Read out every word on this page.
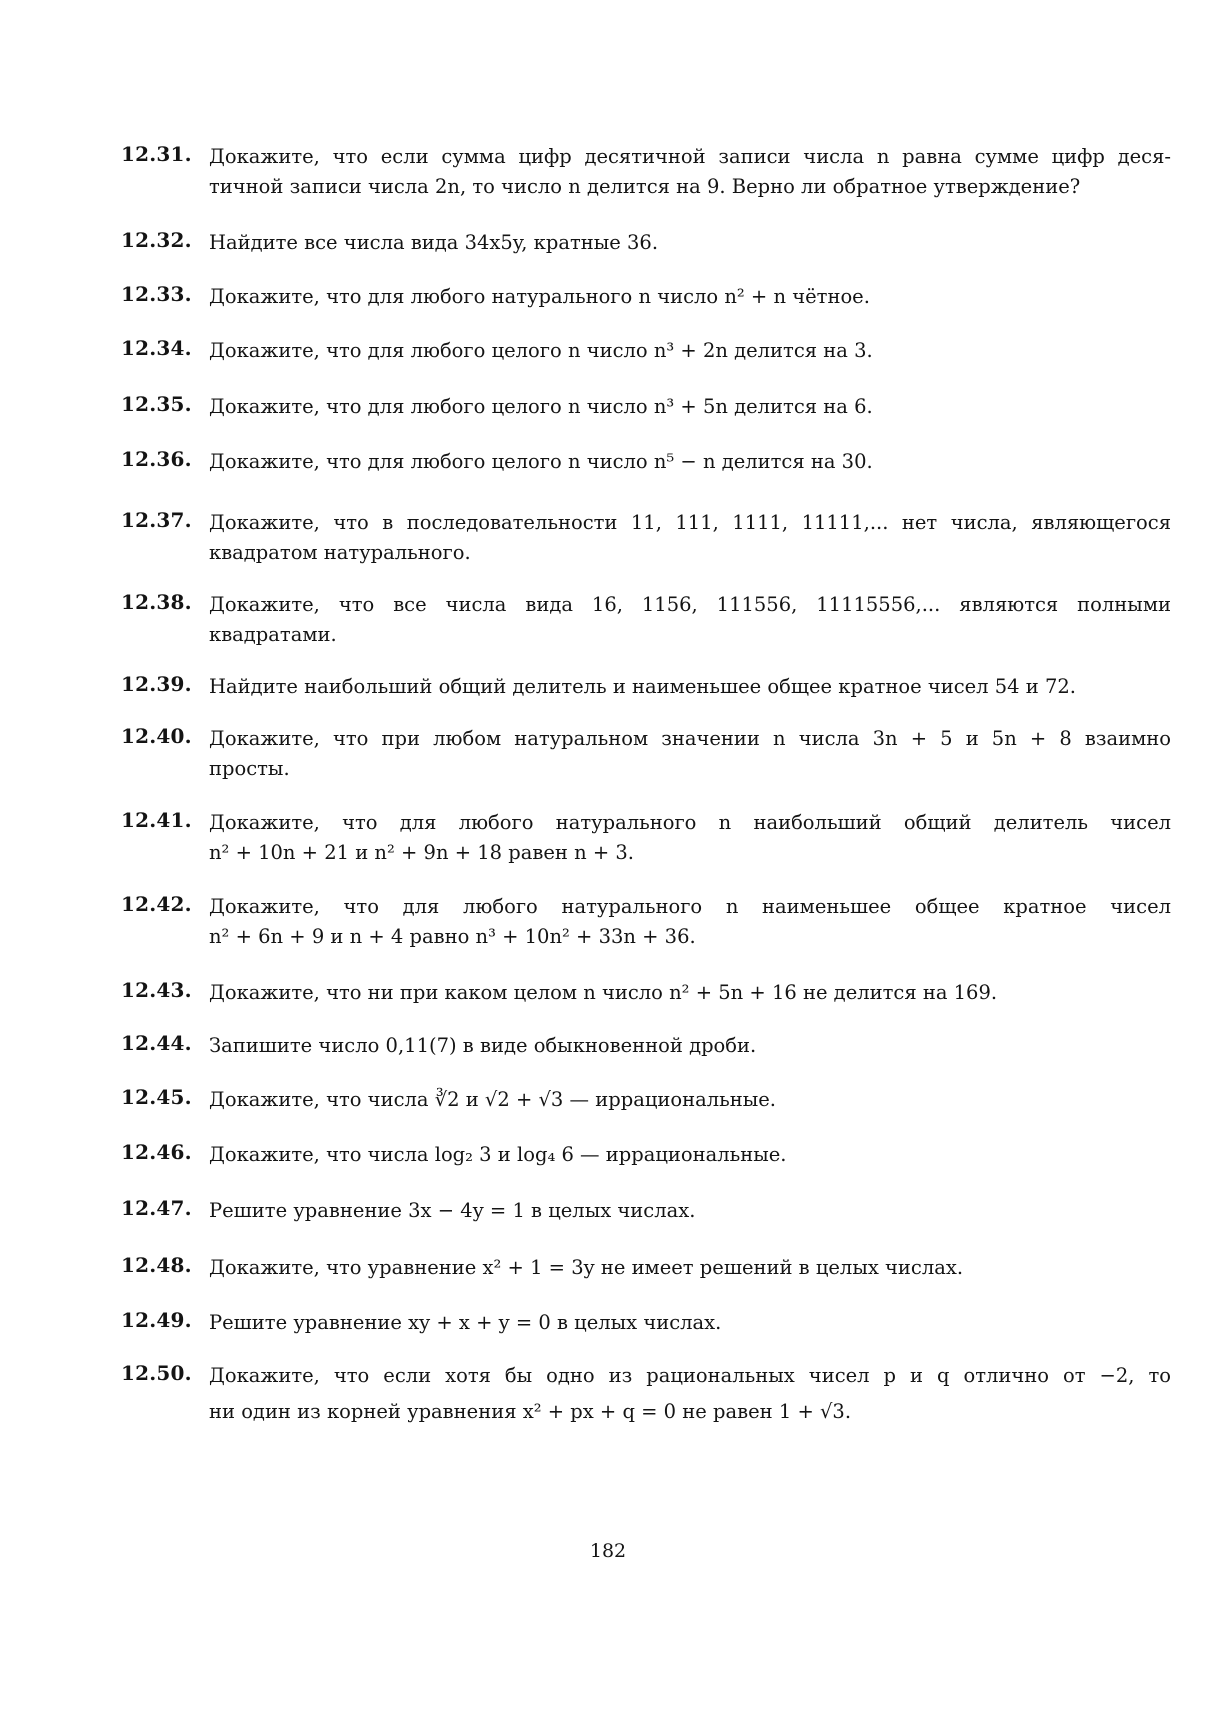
12.31. Докажите, что если сумма цифр десятичной записи числа n равна сумме цифр деся-
тичной записи числа 2n, то число n делится на 9. Верно ли обратное утверждение?
12.32. Найдите все числа вида 34x5y, кратные 36.
12.33. Докажите, что для любого натурального n число n² + n чётное.
12.34. Докажите, что для любого целого n число n³ + 2n делится на 3.
12.35. Докажите, что для любого целого n число n³ + 5n делится на 6.
12.36. Докажите, что для любого целого n число n⁵ − n делится на 30.
12.37. Докажите, что в последовательности 11, 111, 1111, 11111,... нет числа, являющегося
квадратом натурального.
12.38. Докажите, что все числа вида 16, 1156, 111556, 11115556,... являются полными
квадратами.
12.39. Найдите наибольший общий делитель и наименьшее общее кратное чисел 54 и 72.
12.40. Докажите, что при любом натуральном значении n числа 3n + 5 и 5n + 8 взаимно
просты.
12.41. Докажите, что для любого натурального n наибольший общий делитель чисел
n² + 10n + 21 и n² + 9n + 18 равен n + 3.
12.42. Докажите, что для любого натурального n наименьшее общее кратное чисел
n² + 6n + 9 и n + 4 равно n³ + 10n² + 33n + 36.
12.43. Докажите, что ни при каком целом n число n² + 5n + 16 не делится на 169.
12.44. Запишите число 0,11(7) в виде обыкновенной дроби.
12.45. Докажите, что числа ∛2 и √2 + √3 — иррациональные.
12.46. Докажите, что числа log₂ 3 и log₄ 6 — иррациональные.
12.47. Решите уравнение 3x − 4y = 1 в целых числах.
12.48. Докажите, что уравнение x² + 1 = 3y не имеет решений в целых числах.
12.49. Решите уравнение xy + x + y = 0 в целых числах.
12.50. Докажите, что если хотя бы одно из рациональных чисел p и q отлично от −2, то
ни один из корней уравнения x² + px + q = 0 не равен 1 + √3.
182
